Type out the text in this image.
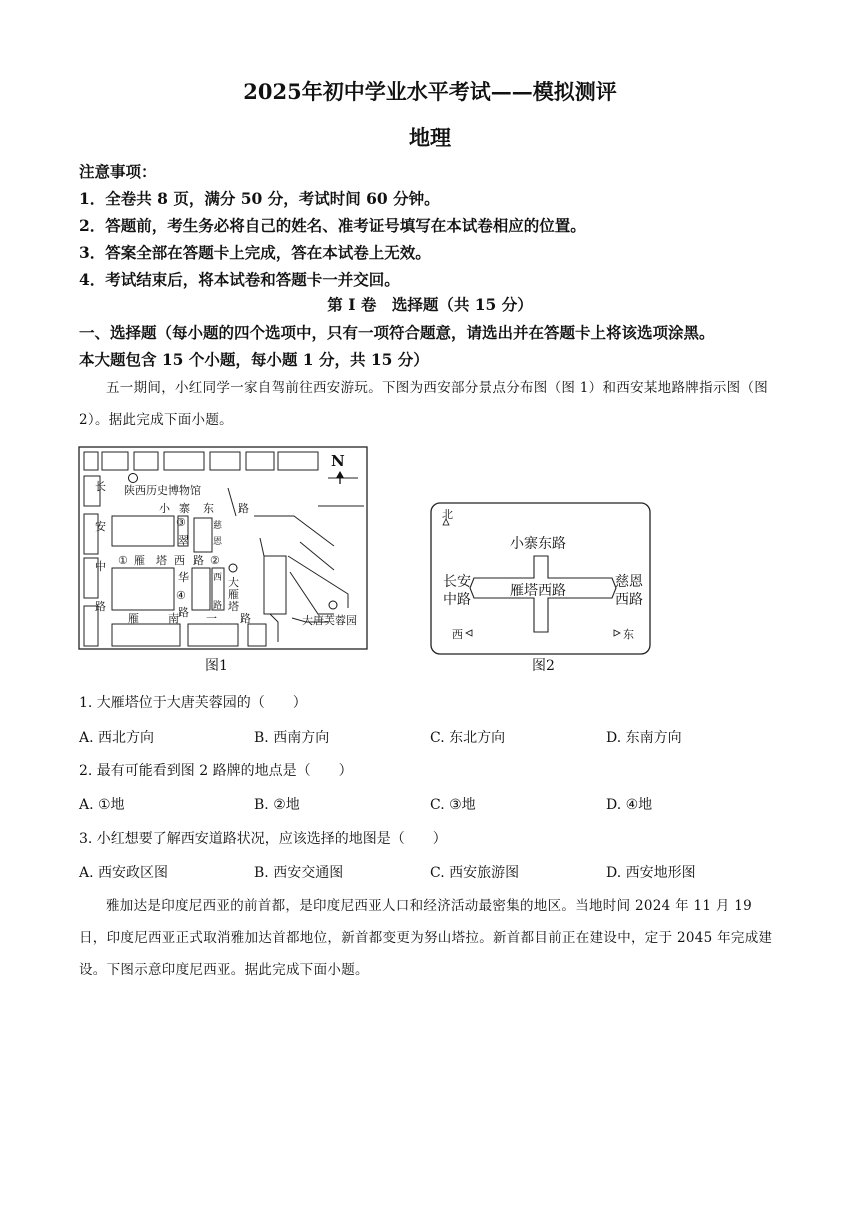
2025年初中学业水平考试——模拟测评
地理
注意事项：
1．全卷共 8 页，满分 50 分，考试时间 60 分钟。
2．答题前，考生务必将自己的姓名、准考证号填写在本试卷相应的位置。
3．答案全部在答题卡上完成，答在本试卷上无效。
4．考试结束后，将本试卷和答题卡一并交回。
第 I 卷　选择题（共 15 分）
一、选择题（每小题的四个选项中，只有一项符合题意，请选出并在答题卡上将该选项涂黑。
本大题包含 15 个小题，每小题 1 分，共 15 分）

五一期间，小红同学一家自驾前往西安游玩。下图为西安部分景点分布图（图 1）和西安某地路牌指示图（图 2）。据此完成下面小题。

N
陕西历史博物馆
小 寨 东 路
长
安
中
路
① 雁 塔 西 路
雁	南 一 路
③
翠
华
④
路
慈
恩
②
西
路
大
雁
塔
大唐芙蓉园
图1
北
小寨东路
长安
中路
雁塔西路
慈恩
西路
西	东
图2
1. 大雁塔位于大唐芙蓉园的（　　）
A. 西北方向	B. 西南方向	C. 东北方向	D. 东南方向
2. 最有可能看到图 2 路牌的地点是（　　）
A. ①地	B. ②地	C. ③地	D. ④地
3. 小红想要了解西安道路状况，应该选择的地图是（　　）
A. 西安政区图	B. 西安交通图	C. 西安旅游图	D. 西安地形图

雅加达是印度尼西亚的前首都，是印度尼西亚人口和经济活动最密集的地区。当地时间 2024 年 11 月 19 日，印度尼西亚正式取消雅加达首都地位，新首都变更为努山塔拉。新首都目前正在建设中，定于 2045 年完成建设。下图示意印度尼西亚。据此完成下面小题。
